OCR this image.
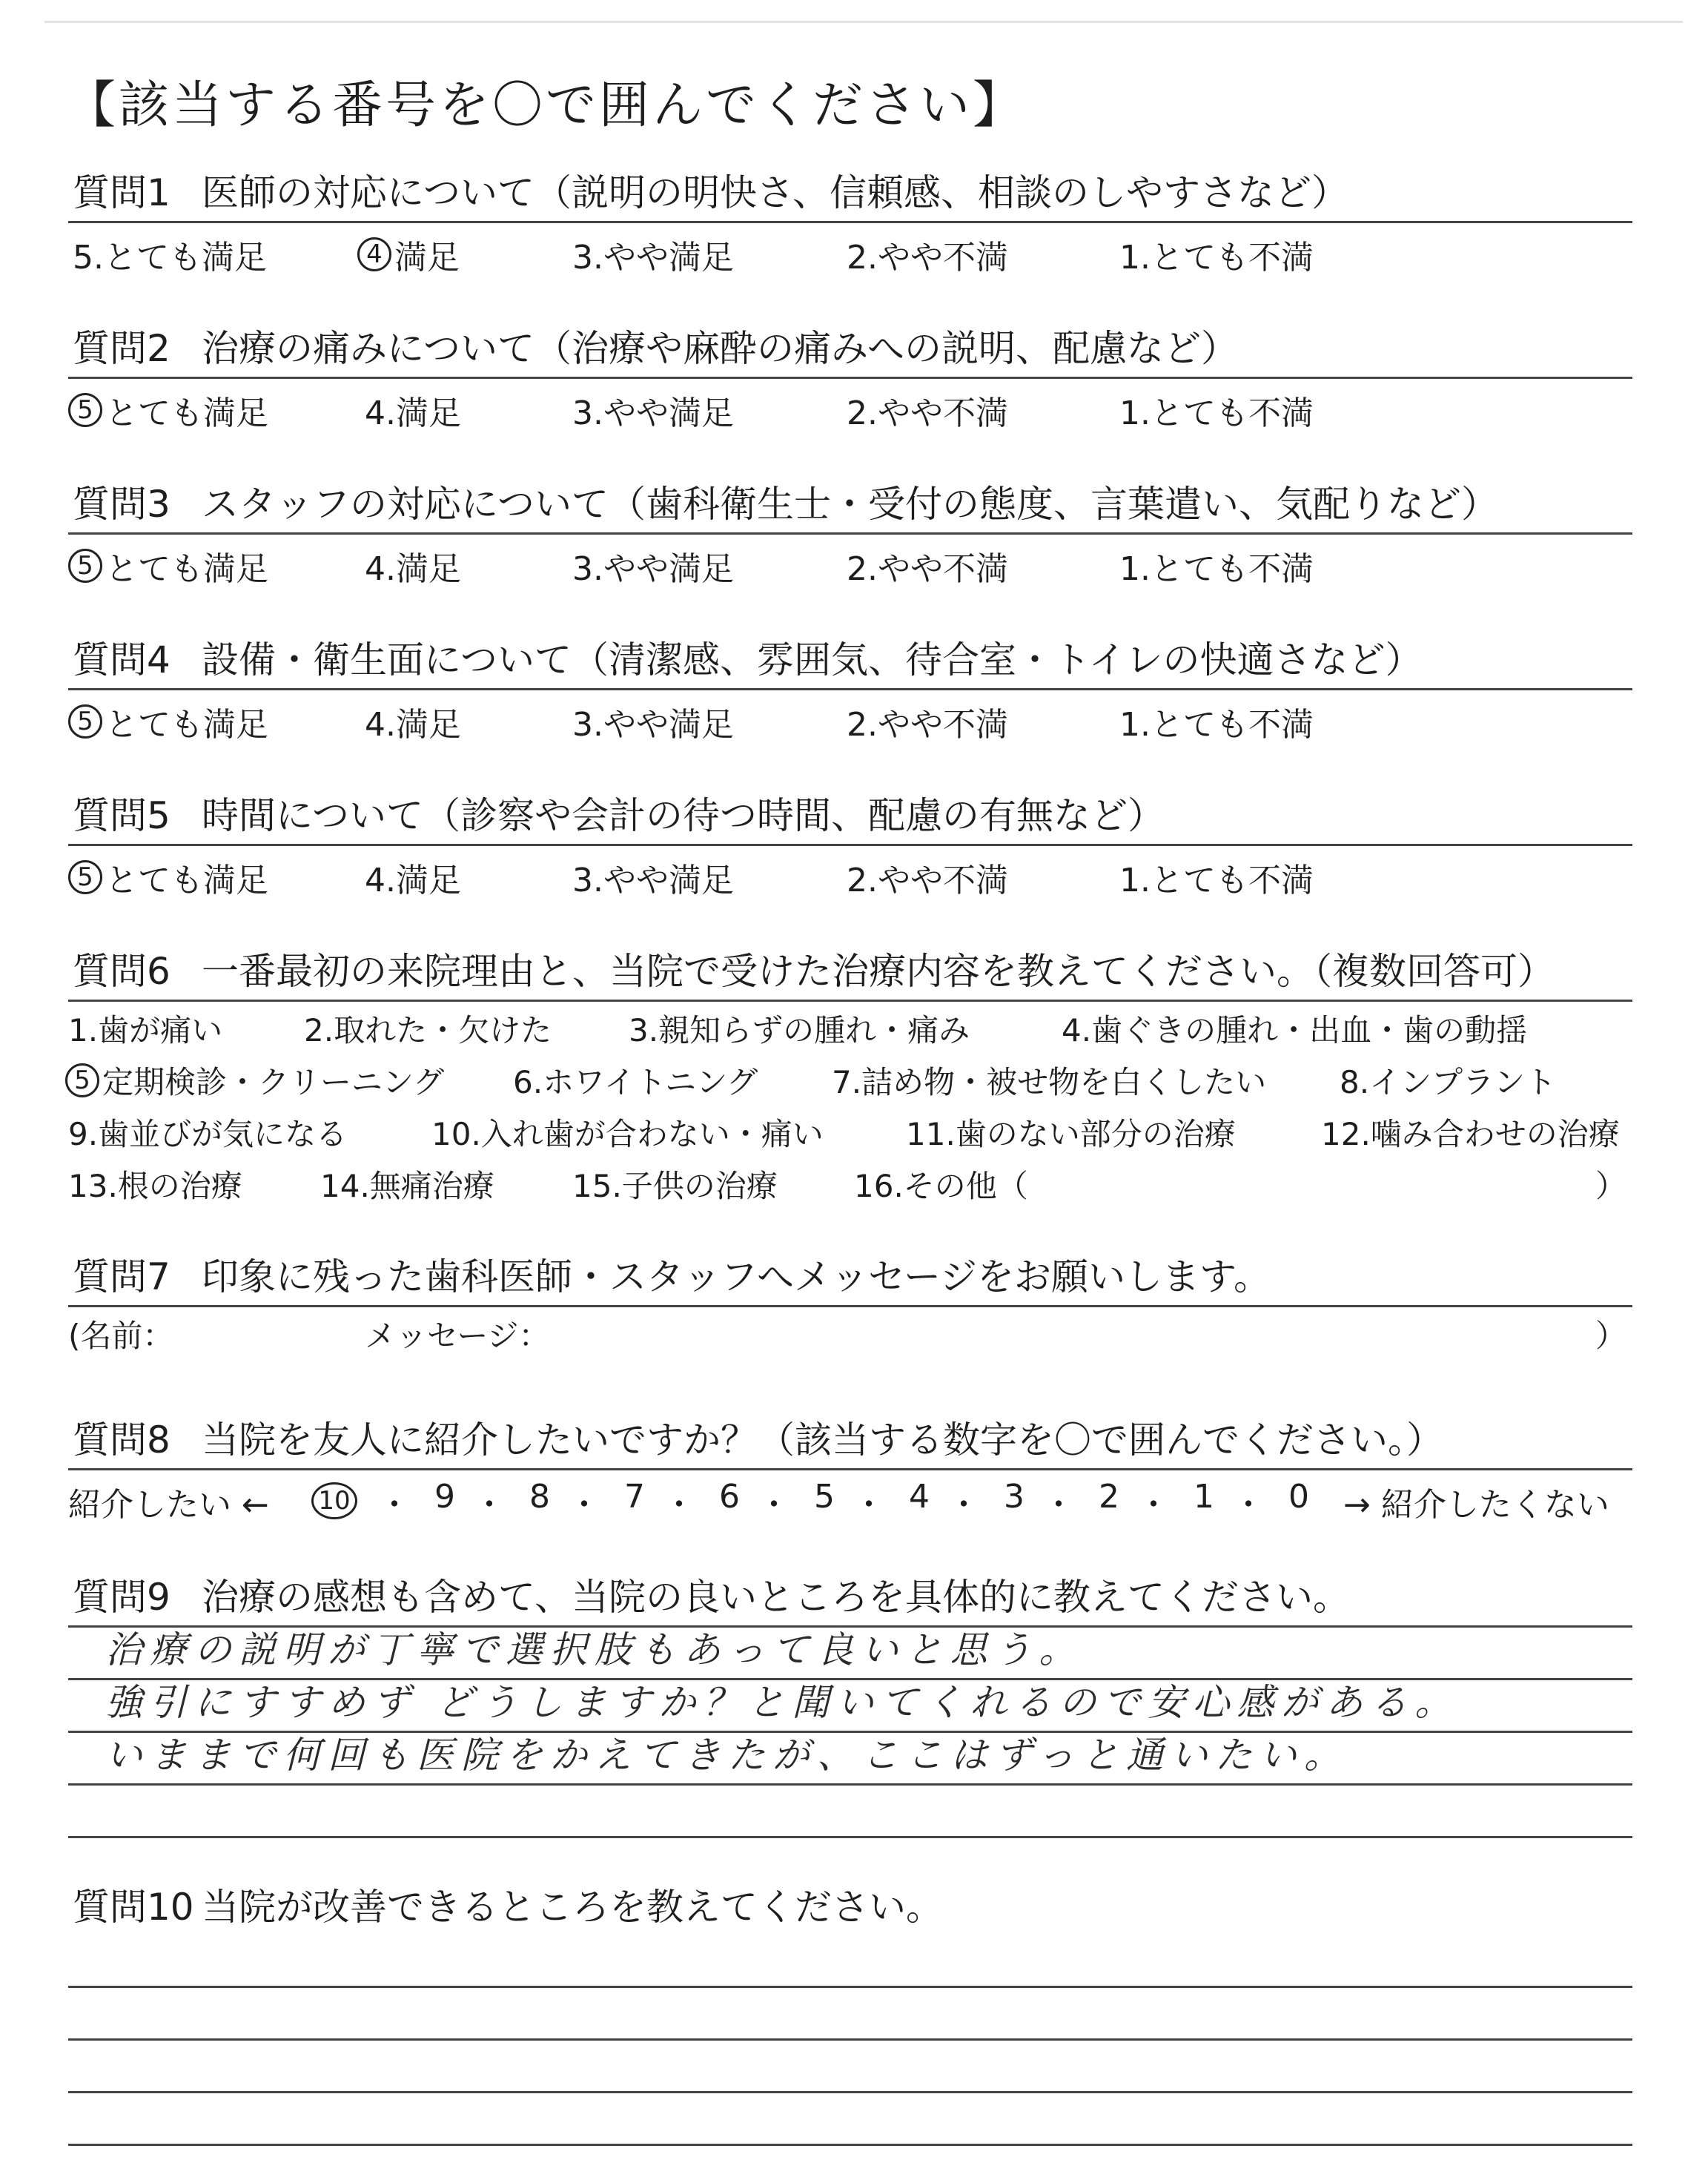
【該当する番号を〇で囲んでください】
質問1 医師の対応について（説明の明快さ、信頼感、相談のしやすさなど）
5.とても満足	4 満足	3.やや満足	2.やや不満	1.とても不満
質問2 治療の痛みについて（治療や麻酔の痛みへの説明、配慮など）
5 とても満足	4.満足	3.やや満足	2.やや不満	1.とても不満
質問3 スタッフの対応について（歯科衛生士・受付の態度、言葉遣い、気配りなど）
5 とても満足	4.満足	3.やや満足	2.やや不満	1.とても不満
質問4 設備・衛生面について（清潔感、雰囲気、待合室・トイレの快適さなど）
5 とても満足	4.満足	3.やや満足	2.やや不満	1.とても不満
質問5 時間について（診察や会計の待つ時間、配慮の有無など）
5 とても満足	4.満足	3.やや満足	2.やや不満	1.とても不満
質問6 一番最初の来院理由と、当院で受けた治療内容を教えてください。（複数回答可）
1.歯が痛い	2.取れた・欠けた 3.親知らずの腫れ・痛み	4.歯ぐきの腫れ・出血・歯の動揺
5 定期検診・クリーニング 6.ホワイトニング 7.詰め物・被せ物を白くしたい 8.インプラント
9.歯並びが気になる	10.入れ歯が合わない・痛い	11.歯のない部分の治療	12.噛み合わせの治療
13.根の治療	14.無痛治療	15.子供の治療 16.その他（	）
質問7 印象に残った歯科医師・スタッフへメッセージをお願いします。
(名前：	メッセージ：	）
質問8 当院を友人に紹介したいですか？（該当する数字を〇で囲んでください。）
紹介したい ← 10 ・ 9 ・ 8 ・ 7 ・ 6 ・ 5 ・ 4 ・ 3 ・ 2 ・ 1 ・ 0 → 紹介したくない
質問9 治療の感想も含めて、当院の良いところを具体的に教えてください。
治療の説明が丁寧で選択肢もあって良いと思う。
強引にすすめず どうしますか？と聞いてくれるので安心感がある。
いままで何回も医院をかえてきたが、ここはずっと通いたい。
質問10 当院が改善できるところを教えてください。
